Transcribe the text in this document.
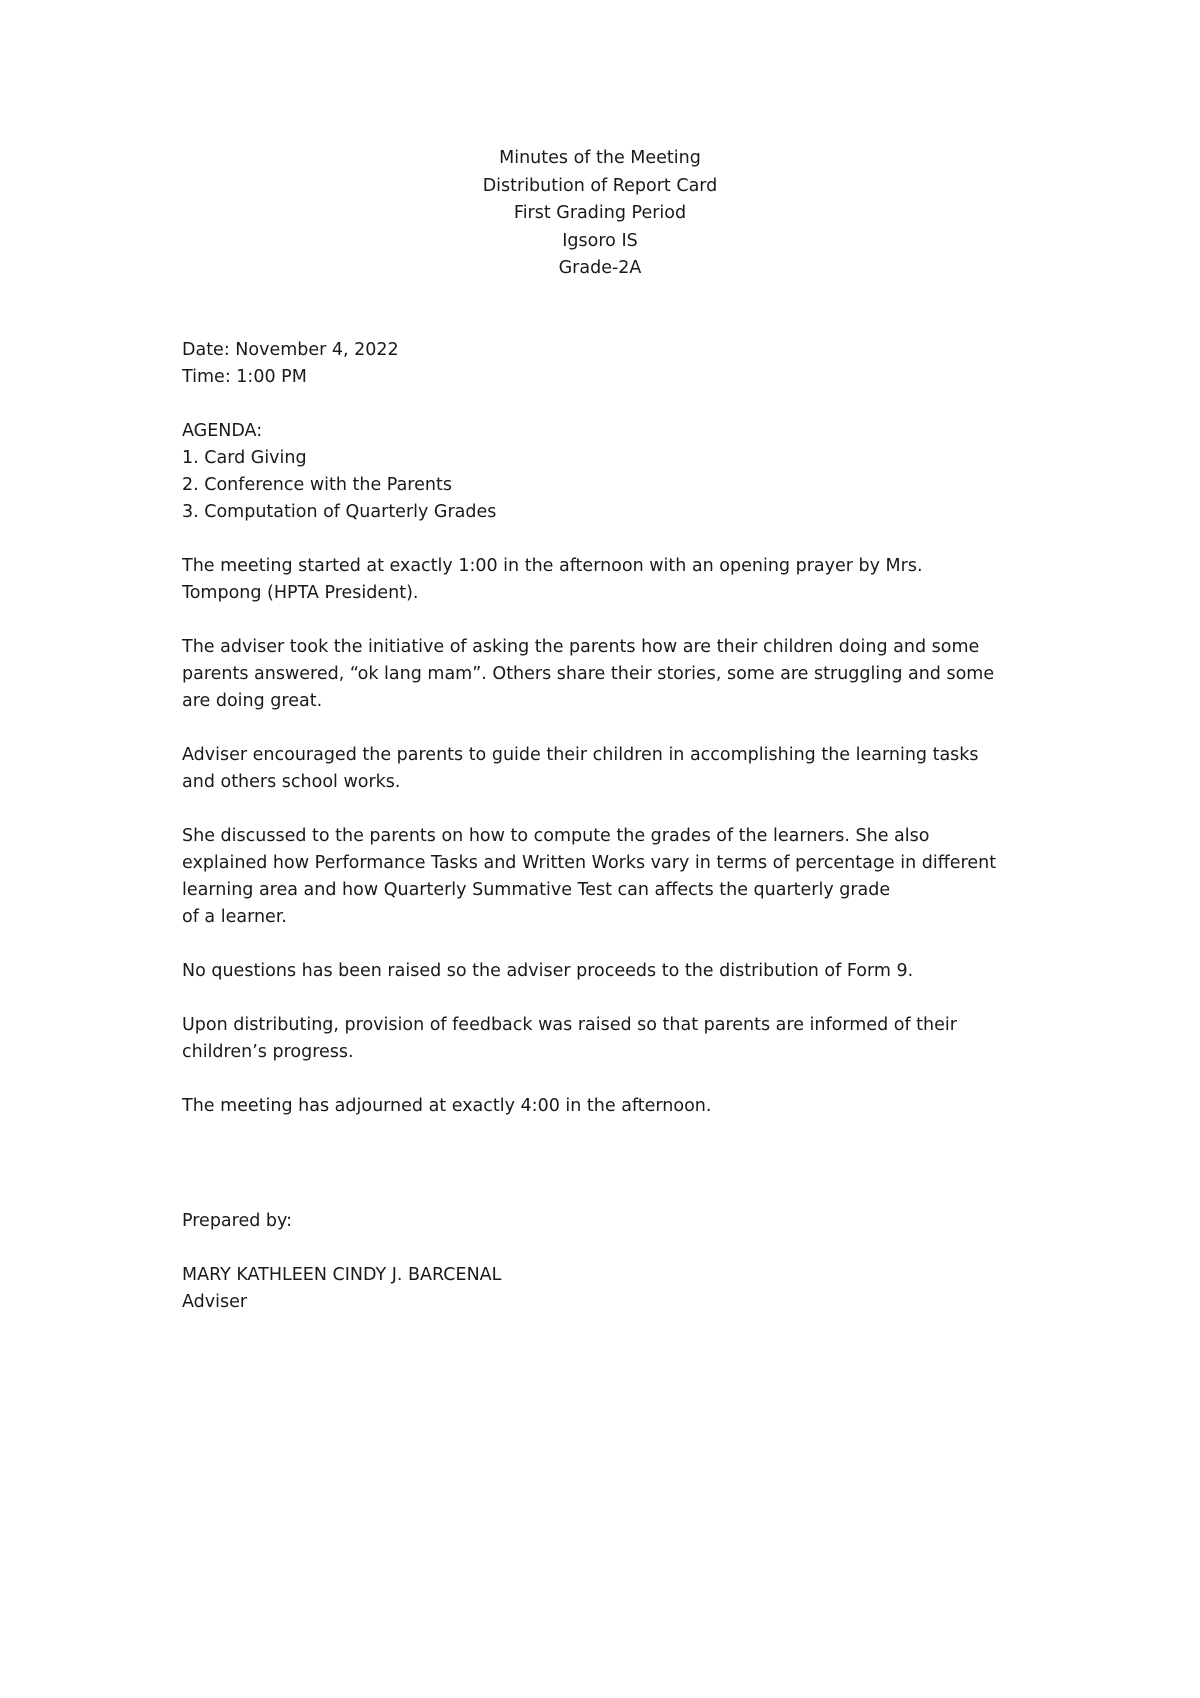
Minutes of the Meeting
Distribution of Report Card
First Grading Period
Igsoro IS
Grade-2A

Date: November 4, 2022
Time: 1:00 PM

AGENDA:
1. Card Giving
2. Conference with the Parents
3. Computation of Quarterly Grades

The meeting started at exactly 1:00 in the afternoon with an opening prayer by Mrs.
Tompong (HPTA President).

The adviser took the initiative of asking the parents how are their children doing and some
parents answered, “ok lang mam”. Others share their stories, some are struggling and some
are doing great.

Adviser encouraged the parents to guide their children in accomplishing the learning tasks
and others school works.

She discussed to the parents on how to compute the grades of the learners. She also
explained how Performance Tasks and Written Works vary in terms of percentage in different
learning area and how Quarterly Summative Test can affects the quarterly grade
of a learner.

No questions has been raised so the adviser proceeds to the distribution of Form 9.

Upon distributing, provision of feedback was raised so that parents are informed of their
children’s progress.

The meeting has adjourned at exactly 4:00 in the afternoon.

Prepared by:

MARY KATHLEEN CINDY J. BARCENAL
Adviser
